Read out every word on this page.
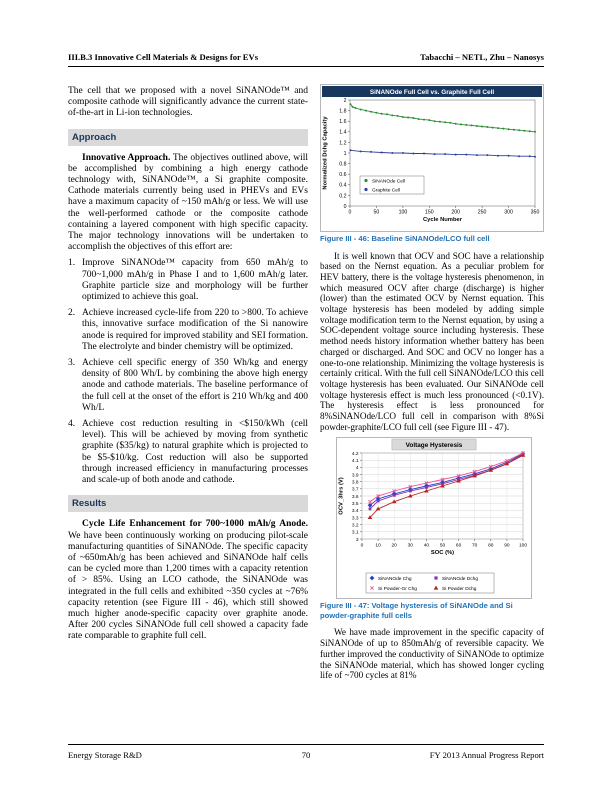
III.B.3 Innovative Cell Materials & Designs for EVs	Tabacchi – NETL, Zhu – Nanosys

The cell that we proposed with a novel SiNANOde™ and composite cathode will significantly advance the current state-of-the-art in Li-ion technologies.

Approach

Innovative Approach. The objectives outlined above, will be accomplished by combining a high energy cathode technology with, SiNANOde™, a Si graphite composite. Cathode materials currently being used in PHEVs and EVs have a maximum capacity of ~150 mAh/g or less. We will use the well-performed cathode or the composite cathode containing a layered component with high specific capacity. The major technology innovations will be undertaken to accomplish the objectives of this effort are:

1. Improve SiNANOde™ capacity from 650 mAh/g to 700~1,000 mAh/g in Phase I and to 1,600 mAh/g later. Graphite particle size and morphology will be further optimized to achieve this goal.
2. Achieve increased cycle-life from 220 to >800. To achieve this, innovative surface modification of the Si nanowire anode is required for improved stability and SEI formation. The electrolyte and binder chemistry will be optimized.
3. Achieve cell specific energy of 350 Wh/kg and energy density of 800 Wh/L by combining the above high energy anode and cathode materials. The baseline performance of the full cell at the onset of the effort is 210 Wh/kg and 400 Wh/L
4. Achieve cost reduction resulting in <$150/kWh (cell level). This will be achieved by moving from synthetic graphite ($35/kg) to natural graphite which is projected to be $5-$10/kg. Cost reduction will also be supported through increased efficiency in manufacturing processes and scale-up of both anode and cathode.
Results

Cycle Life Enhancement for 700~1000 mAh/g Anode. We have been continuously working on producing pilot-scale manufacturing quantities of SiNANOde. The specific capacity of ~650mAh/g has been achieved and SiNANOde half cells can be cycled more than 1,200 times with a capacity retention of > 85%. Using an LCO cathode, the SiNANOde was integrated in the full cells and exhibited ~350 cycles at ~76% capacity retention (see Figure III - 46), which still showed much higher anode-specific capacity over graphite anode. After 200 cycles SiNANOde full cell showed a capacity fade rate comparable to graphite full cell.

SiNANOde Full Cell vs. Graphite Full Cell
0
0.2
0.4
0.6
0.8
1
1.2
1.4
1.6
1.8
2
0	50	100	150	200	250	300	350
Cycle Number
Normalized Dchg Capacity	SiNANOde Cell
Graphite Cell
Figure III - 46: Baseline SiNANOde/LCO full cell

It is well known that OCV and SOC have a relationship based on the Nernst equation. As a peculiar problem for HEV battery, there is the voltage hysteresis phenomenon, in which measured OCV after charge (discharge) is higher (lower) than the estimated OCV by Nernst equation. This voltage hysteresis has been modeled by adding simple voltage modification term to the Nernst equation, by using a SOC-dependent voltage source including hysteresis. These method needs history information whether battery has been charged or discharged. And SOC and OCV no longer has a one-to-one relationship. Minimizing the voltage hysteresis is certainly critical. With the full cell SiNANOde/LCO this cell voltage hysteresis has been evaluated. Our SiNANOde cell voltage hysteresis effect is much less pronounced (<0.1V). The hysteresis effect is less pronounced for 8%SiNANOde/LCO full cell in comparison with 8%Si powder-graphite/LCO full cell (see Figure III - 47).

Voltage Hysteresis
3
3.1
3.2
3.3
3.4
3.5
3.6
3.7
3.8
3.9
4
4.1
4.2
0	10 20 30 40 50 60 70 80 90 100
SOC (%)
OCV_3hrs (V)
SiNANOde Chg	SiNANOde Dchg
Si Powder-Gr Chg	Si Powder Dchg
Figure III - 47: Voltage hysteresis of SiNANOde and Si powder-graphite full cells

We have made improvement in the specific capacity of SiNANOde of up to 850mAh/g of reversible capacity. We further improved the conductivity of SiNANOde to optimize the SiNANOde material, which has showed longer cycling life of ~700 cycles at 81%

Energy Storage R&D	70	FY 2013 Annual Progress Report
